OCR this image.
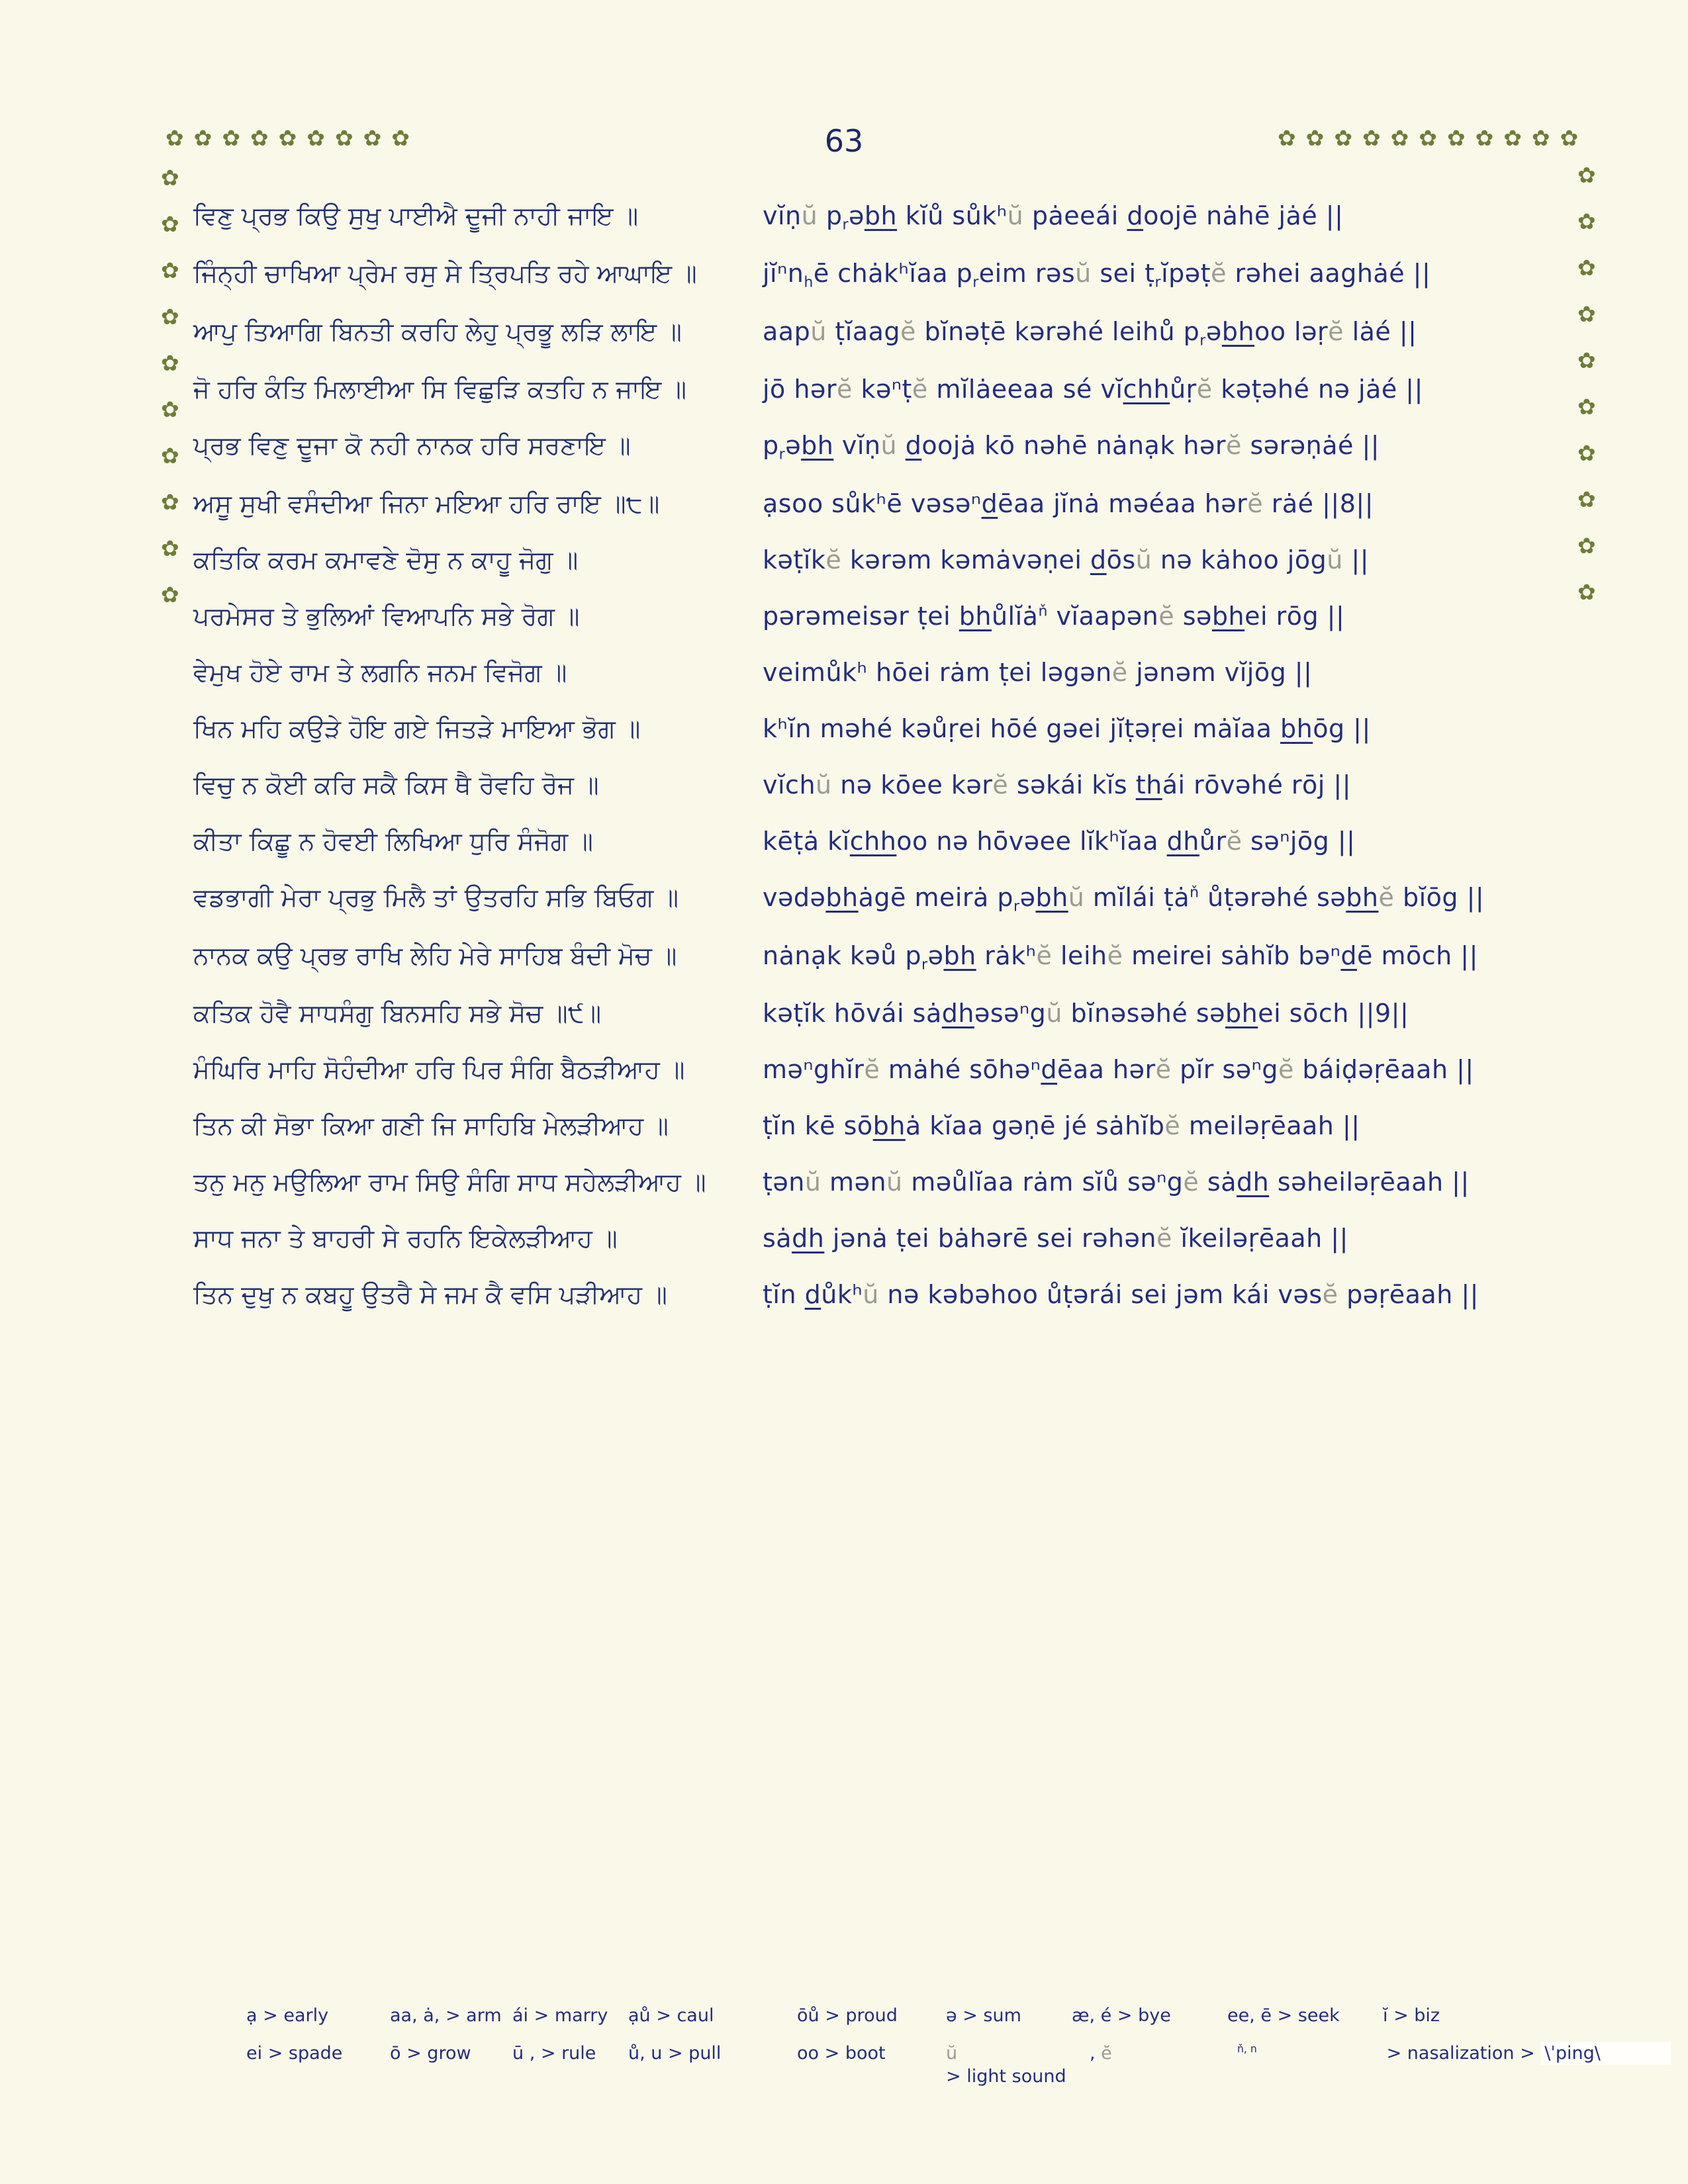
63
✿ ✿ ✿ ✿ ✿ ✿ ✿ ✿ ✿	✿ ✿ ✿ ✿ ✿ ✿ ✿ ✿ ✿ ✿ ✿
✿
✿
✿
✿
✿
✿
✿
✿
✿
✿
✿
✿
✿
✿
✿
✿
✿
✿
✿
✿
ਵਿਣੁ ਪ੍ਰਭ ਕਿਉ ਸੁਖੁ ਪਾਈਐ ਦੂਜੀ ਨਾਹੀ ਜਾਇ ॥	vĭṇŭ $p_rəbh$ kĭů sůkʰŭ pȧeeái doojē nȧhē jȧé ||
ਜਿੰਨ੍ਹੀ ਚਾਖਿਆ ਪ੍ਰੇਮ ਰਸੁ ਸੇ ਤ੍ਰਿਪਤਿ ਰਹੇ ਆਘਾਇ ॥	jĭⁿn$_h$ē chȧkʰĭaa $p_reim$ rəsŭ sei ṭ$_r$ĭpəṭĕ rəhei aaghȧé ||
ਆਪੁ ਤਿਆਗਿ ਬਿਨਤੀ ਕਰਹਿ ਲੇਹੁ ਪ੍ਰਭੂ ਲੜਿ ਲਾਇ ॥	aapŭ ṭĭaagĕ bĭnəṭē kərəhé leihů $p_rəbhoo$ ləṛĕ lȧé ||
ਜੋ ਹਰਿ ਕੰਤਿ ਮਿਲਾਈਆ ਸਿ ਵਿਛੁੜਿ ਕਤਹਿ ਨ ਜਾਇ ॥	jō hərĕ kəⁿṭĕ mĭlȧeeaa sé vĭchhůṛĕ kəṭəhé nə jȧé ||
ਪ੍ਰਭ ਵਿਣੁ ਦੂਜਾ ਕੋ ਨਹੀ ਨਾਨਕ ਹਰਿ ਸਰਣਾਇ ॥	$p_rəbh$ vĭṇŭ doojȧ kō nəhē nȧnạk hərĕ sərəṇȧé ||
ਅਸੂ ਸੁਖੀ ਵਸੰਦੀਆ ਜਿਨਾ ਮਇਆ ਹਰਿ ਰਾਇ ॥੮॥	ạsoo sůkʰē vəsəⁿdēaa jĭnȧ məéaa hərĕ rȧé ||8||
ਕਤਿਕਿ ਕਰਮ ਕਮਾਵਣੇ ਦੋਸੁ ਨ ਕਾਹੂ ਜੋਗੁ ॥	kəṭĭkĕ kərəm kəmȧvəṇei dōsŭ nə kȧhoo jōgŭ ||
ਪਰਮੇਸਰ ਤੇ ਭੁਲਿਆਂ ਵਿਆਪਨਿ ਸਭੇ ਰੋਗ ॥	pərəmeisər ṭei bhůlĭȧ$^ň$ vĭaapənĕ səbhei rōg ||
ਵੇਮੁਖ ਹੋਏ ਰਾਮ ਤੇ ਲਗਨਿ ਜਨਮ ਵਿਜੋਗ ॥	veimůkʰ hōei rȧm ṭei ləgənĕ jənəm vĭjōg ||
ਖਿਨ ਮਹਿ ਕਉੜੇ ਹੋਇ ਗਏ ਜਿਤੜੇ ਮਾਇਆ ਭੋਗ ॥	kʰĭn məhé kəůṛei hōé gəei jĭṭəṛei mȧĭaa bhōg ||
ਵਿਚੁ ਨ ਕੋਈ ਕਰਿ ਸਕੈ ਕਿਸ ਥੈ ਰੋਵਹਿ ਰੋਜ ॥	vĭchŭ nə kōee kərĕ səkái kĭs thái rōvəhé rōj ||
ਕੀਤਾ ਕਿਛੂ ਨ ਹੋਵਈ ਲਿਖਿਆ ਧੁਰਿ ਸੰਜੋਗ ॥	kēṭȧ kĭchhoo nə hōvəee lĭkʰĭaa dhůrĕ səⁿjōg ||
ਵਡਭਾਗੀ ਮੇਰਾ ਪ੍ਰਭੁ ਮਿਲੈ ਤਾਂ ਉਤਰਹਿ ਸਭਿ ਬਿਓਗ ॥	vədəbhȧgē meirȧ $p_rəbhŭ$ mĭlái ṭȧ$^ň$ ůṭərəhé səbhĕ bĭōg ||
ਨਾਨਕ ਕਉ ਪ੍ਰਭ ਰਾਖਿ ਲੇਹਿ ਮੇਰੇ ਸਾਹਿਬ ਬੰਦੀ ਮੋਚ ॥	nȧnạk kəů $p_rəbh$ rȧkʰĕ leihĕ meirei sȧhĭb bəⁿdē mōch ||
ਕਤਿਕ ਹੋਵੈ ਸਾਧਸੰਗੁ ਬਿਨਸਹਿ ਸਭੇ ਸੋਚ ॥੯॥	kəṭĭk hōvái sȧdhəsəⁿgŭ bĭnəsəhé səbhei sōch ||9||
ਮੰਘਿਰਿ ਮਾਹਿ ਸੋਹੰਦੀਆ ਹਰਿ ਪਿਰ ਸੰਗਿ ਬੈਠੜੀਆਹ ॥	məⁿghĭrĕ mȧhé sōhəⁿdēaa hərĕ pĭr səⁿgĕ báiḍəṛēaah ||
ਤਿਨ ਕੀ ਸੋਭਾ ਕਿਆ ਗਣੀ ਜਿ ਸਾਹਿਬਿ ਮੇਲੜੀਆਹ ॥	ṭĭn kē sōbhȧ kĭaa gəṇē jé sȧhĭbĕ meiləṛēaah ||
ਤਨੁ ਮਨੁ ਮਉਲਿਆ ਰਾਮ ਸਿਉ ਸੰਗਿ ਸਾਧ ਸਹੇਲੜੀਆਹ ॥	ṭənŭ mənŭ məůlĭaa rȧm sĭů səⁿgĕ sȧdh səheiləṛēaah ||
ਸਾਧ ਜਨਾ ਤੇ ਬਾਹਰੀ ਸੇ ਰਹਨਿ ਇਕੇਲੜੀਆਹ ॥	sȧdh jənȧ ṭei bȧhərē sei rəhənĕ ĭkeiləṛēaah ||
ਤਿਨ ਦੁਖੁ ਨ ਕਬਹੂ ਉਤਰੈ ਸੇ ਜਮ ਕੈ ਵਸਿ ਪੜੀਆਹ ॥	ṭĭn důkʰŭ nə kəbəhoo ůṭərái sei jəm kái vəsĕ pəṛēaah ||
ạ > early	aa, ȧ, > arm ái > marry	ạů > caul	ōů > proud	ə > sum	æ, é > bye	ee, ē > seek	ĭ > biz
ei > spade	ō > grow	ū , > rule	ů, u > pull	oo > boot	ŭ	, ĕ > light sound
ň, n	> nasalization > \ˈping\
